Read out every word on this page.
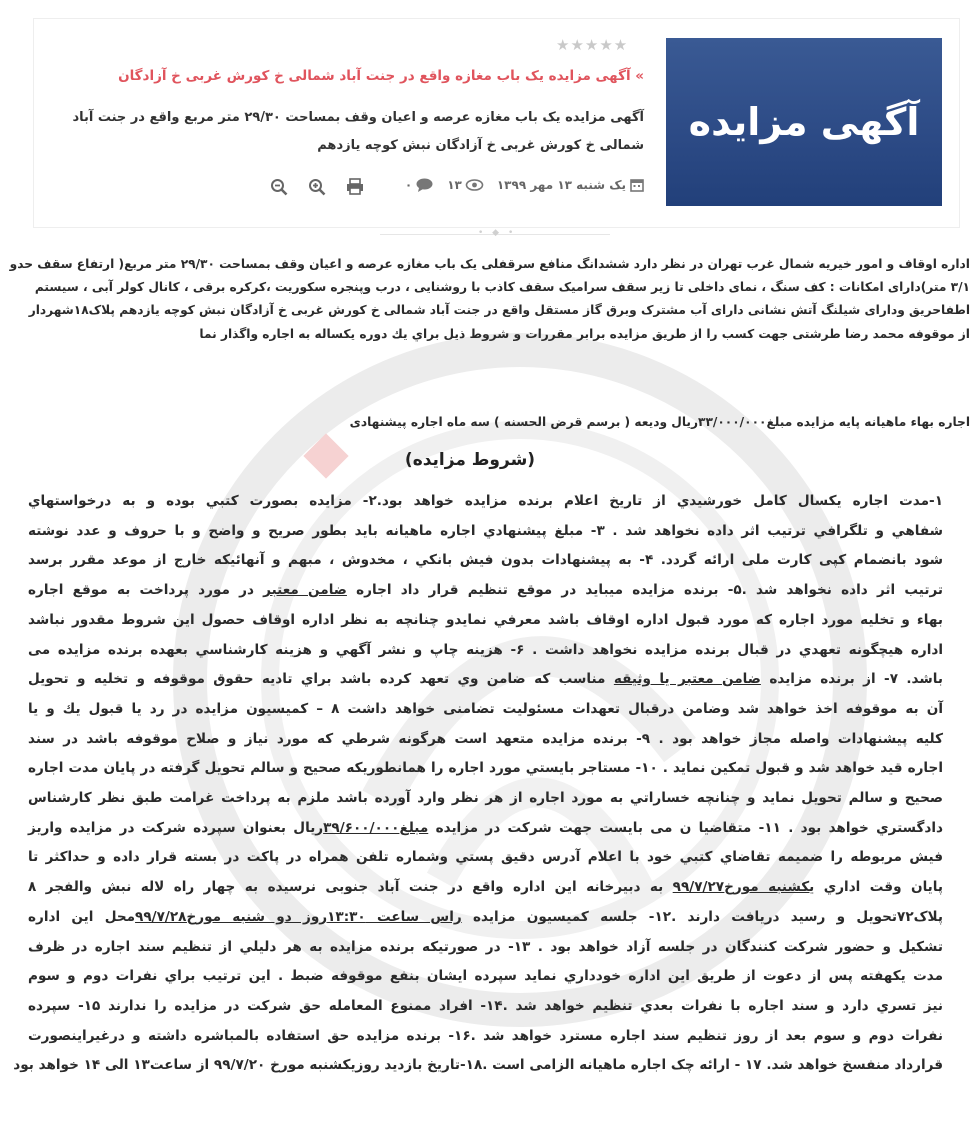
آگهی مزایده
★★★★★
» آگهی مزایده یک باب مغازه واقع در جنت آباد شمالی خ کورش غربی خ آزادگان
آگهی مزایده یک باب مغازه عرصه و اعیان وقف بمساحت ۲۹/۳۰ متر مربع واقع در جنت آباد شمالی خ کورش غربی خ آزادگان نبش کوچه یازدهم
یک شنبه ۱۳ مهر ۱۳۹۹
۱۳
۰
• ◆ •
اداره اوقاف و امور خیریه شمال غرب تهران در نظر دارد ششدانگ منافع سرقفلی یک باب مغازه عرصه و اعیان وقف بمساحت ۲۹/۳۰ متر مربع( ارتفاع سقف حدو
۳/۱ متر)دارای امکانات : کف سنگ ، نمای داخلی تا زیر سقف سرامیک سقف کاذب با روشنایی ، درب وپنجره سکوریت ،کرکره برقی ، کانال کولر آبی ، سیستم
اطفاحریق ودارای شیلنگ آتش نشانی دارای آب مشترک وبرق گاز مستقل واقع در جنت آباد شمالی خ کورش غربی خ آزادگان نبش کوچه یازدهم پلاک۱۸شهردار
از موقوفه محمد رضا طرشتی جهت کسب را از طریق مزایده برابر مقررات و شروط ذیل براي یك دوره یكساله به اجاره واگذار نما
اجاره بهاء ماهیانه پایه مزایده مبلغ۳۳/۰۰۰/۰۰۰ریال ودیعه ( برسم قرض الحسنه ) سه ماه اجاره پیشنهادی
(شروط مزایده)
۱-مدت اجاره یكسال كامل خورشيدي از تاريخ اعلام برنده مزايده خواهد بود.۲- مزايده بصورت كتبي بوده و به درخواستهاي
شفاهي و تلگرافي ترتيب اثر داده نخواهد شد . ۳- مبلغ پیشنهادي اجاره ماهیانه باید بطور صريح و واضح و با حروف و عدد نوشته
شود بانضمام کپی کارت ملی ارائه گردد. ۴- به پيشنهادات بدون فيش بانكي ، مخدوش ، مبهم و آنهائيكه خارج از موعد مقرر برسد
ترتيب اثر داده نخواهد شد .۵- برنده مزایده میباید در موقع تنظیم قرار داد اجاره ضامن معتبر در مورد پرداخت به موقع اجاره
بهاء و تخليه مورد اجاره كه مورد قبول اداره اوقاف باشد معرفي نمايدو چنانچه به نظر اداره اوقاف حصول اين شروط مقدور نباشد
اداره هيچگونه تعهدي در قبال برنده مزايده نخواهد داشت . ۶- هزينه چاپ و نشر آگهي و هزينه كارشناسي بعهده برنده مزایده می
باشد. ۷- از برنده مزايده ضامن معتبر يا وثيقه مناسب كه ضامن وي تعهد كرده باشد براي تاديه حقوق موقوفه و تخليه و تحويل
آن به موقوفه اخذ خواهد شد وضامن درقبال تعهدات مسئولیت تضامنی خواهد داشت ۸ – كميسيون مزايده در رد يا قبول يك و يا
كليه پيشنهادات واصله مجاز خواهد بود . ۹- برنده مزايده متعهد است هرگونه شرطي كه مورد نياز و صلاح موقوفه باشد در سند
اجاره قيد خواهد شد و قبول تمكين نمايد . ۱۰- مستاجر بايستي مورد اجاره را همانطوريكه صحيح و سالم تحويل گرفته در پايان مدت اجاره
صحيح و سالم تحويل نمايد و چنانچه خساراتي به مورد اجاره از هر نظر وارد آورده باشد ملزم به پرداخت غرامت طبق نظر كارشناس
دادگستري خواهد بود . ۱۱- متقاضیا ن می بایست جهت شرکت در مزايده مبلغ۳۹/۶۰۰/۰۰۰ریال بعنوان سپرده شركت در مزايده واريز
فيش مربوطه را ضميمه تقاضاي كتبي خود با اعلام آدرس دقیق پستي وشماره تلفن همراه در پاكت در بسته قرار داده و حداكثر تا
پايان وقت اداري يكشنبه مورخ۹۹/۷/۲۷ به دبيرخانه اين اداره واقع در جنت آباد جنوبی نرسیده به چهار راه لاله نبش والفجر ۸
پلاک۷۲تحويل و رسيد دريافت دارند .۱۲- جلسه كميسيون مزايده راس ساعت ۱۳:۳۰روز دو شنبه مورخ۹۹/۷/۲۸محل اين اداره
تشكيل و حضور شركت كنندگان در جلسه آزاد خواهد بود . ۱۳- در صورتيكه برنده مزايده به هر دليلي از تنظيم سند اجاره در ظرف
مدت يكهفته پس از دعوت از طريق اين اداره خودداري نمايد سپرده ايشان بنفع موقوفه ضبط . اين ترتيب براي نفرات دوم و سوم
نيز تسري دارد و سند اجاره با نفرات بعدي تنظيم خواهد شد .۱۴- افراد ممنوع المعامله حق شرکت در مزایده را ندارند ۱۵- سپرده
نفرات دوم و سوم بعد از روز تنظيم سند اجاره مسترد خواهد شد .۱۶- برنده مزايده حق استفاده بالمباشره داشته و درغيراينصورت
قرارداد منفسخ خواهد شد. ۱۷ - ارائه چک اجاره ماهیانه الزامی است .۱۸-تاریخ بازدید روزیکشنبه مورخ ۹۹/۷/۲۰ از ساعت۱۳ الی ۱۴ خواهد بود
